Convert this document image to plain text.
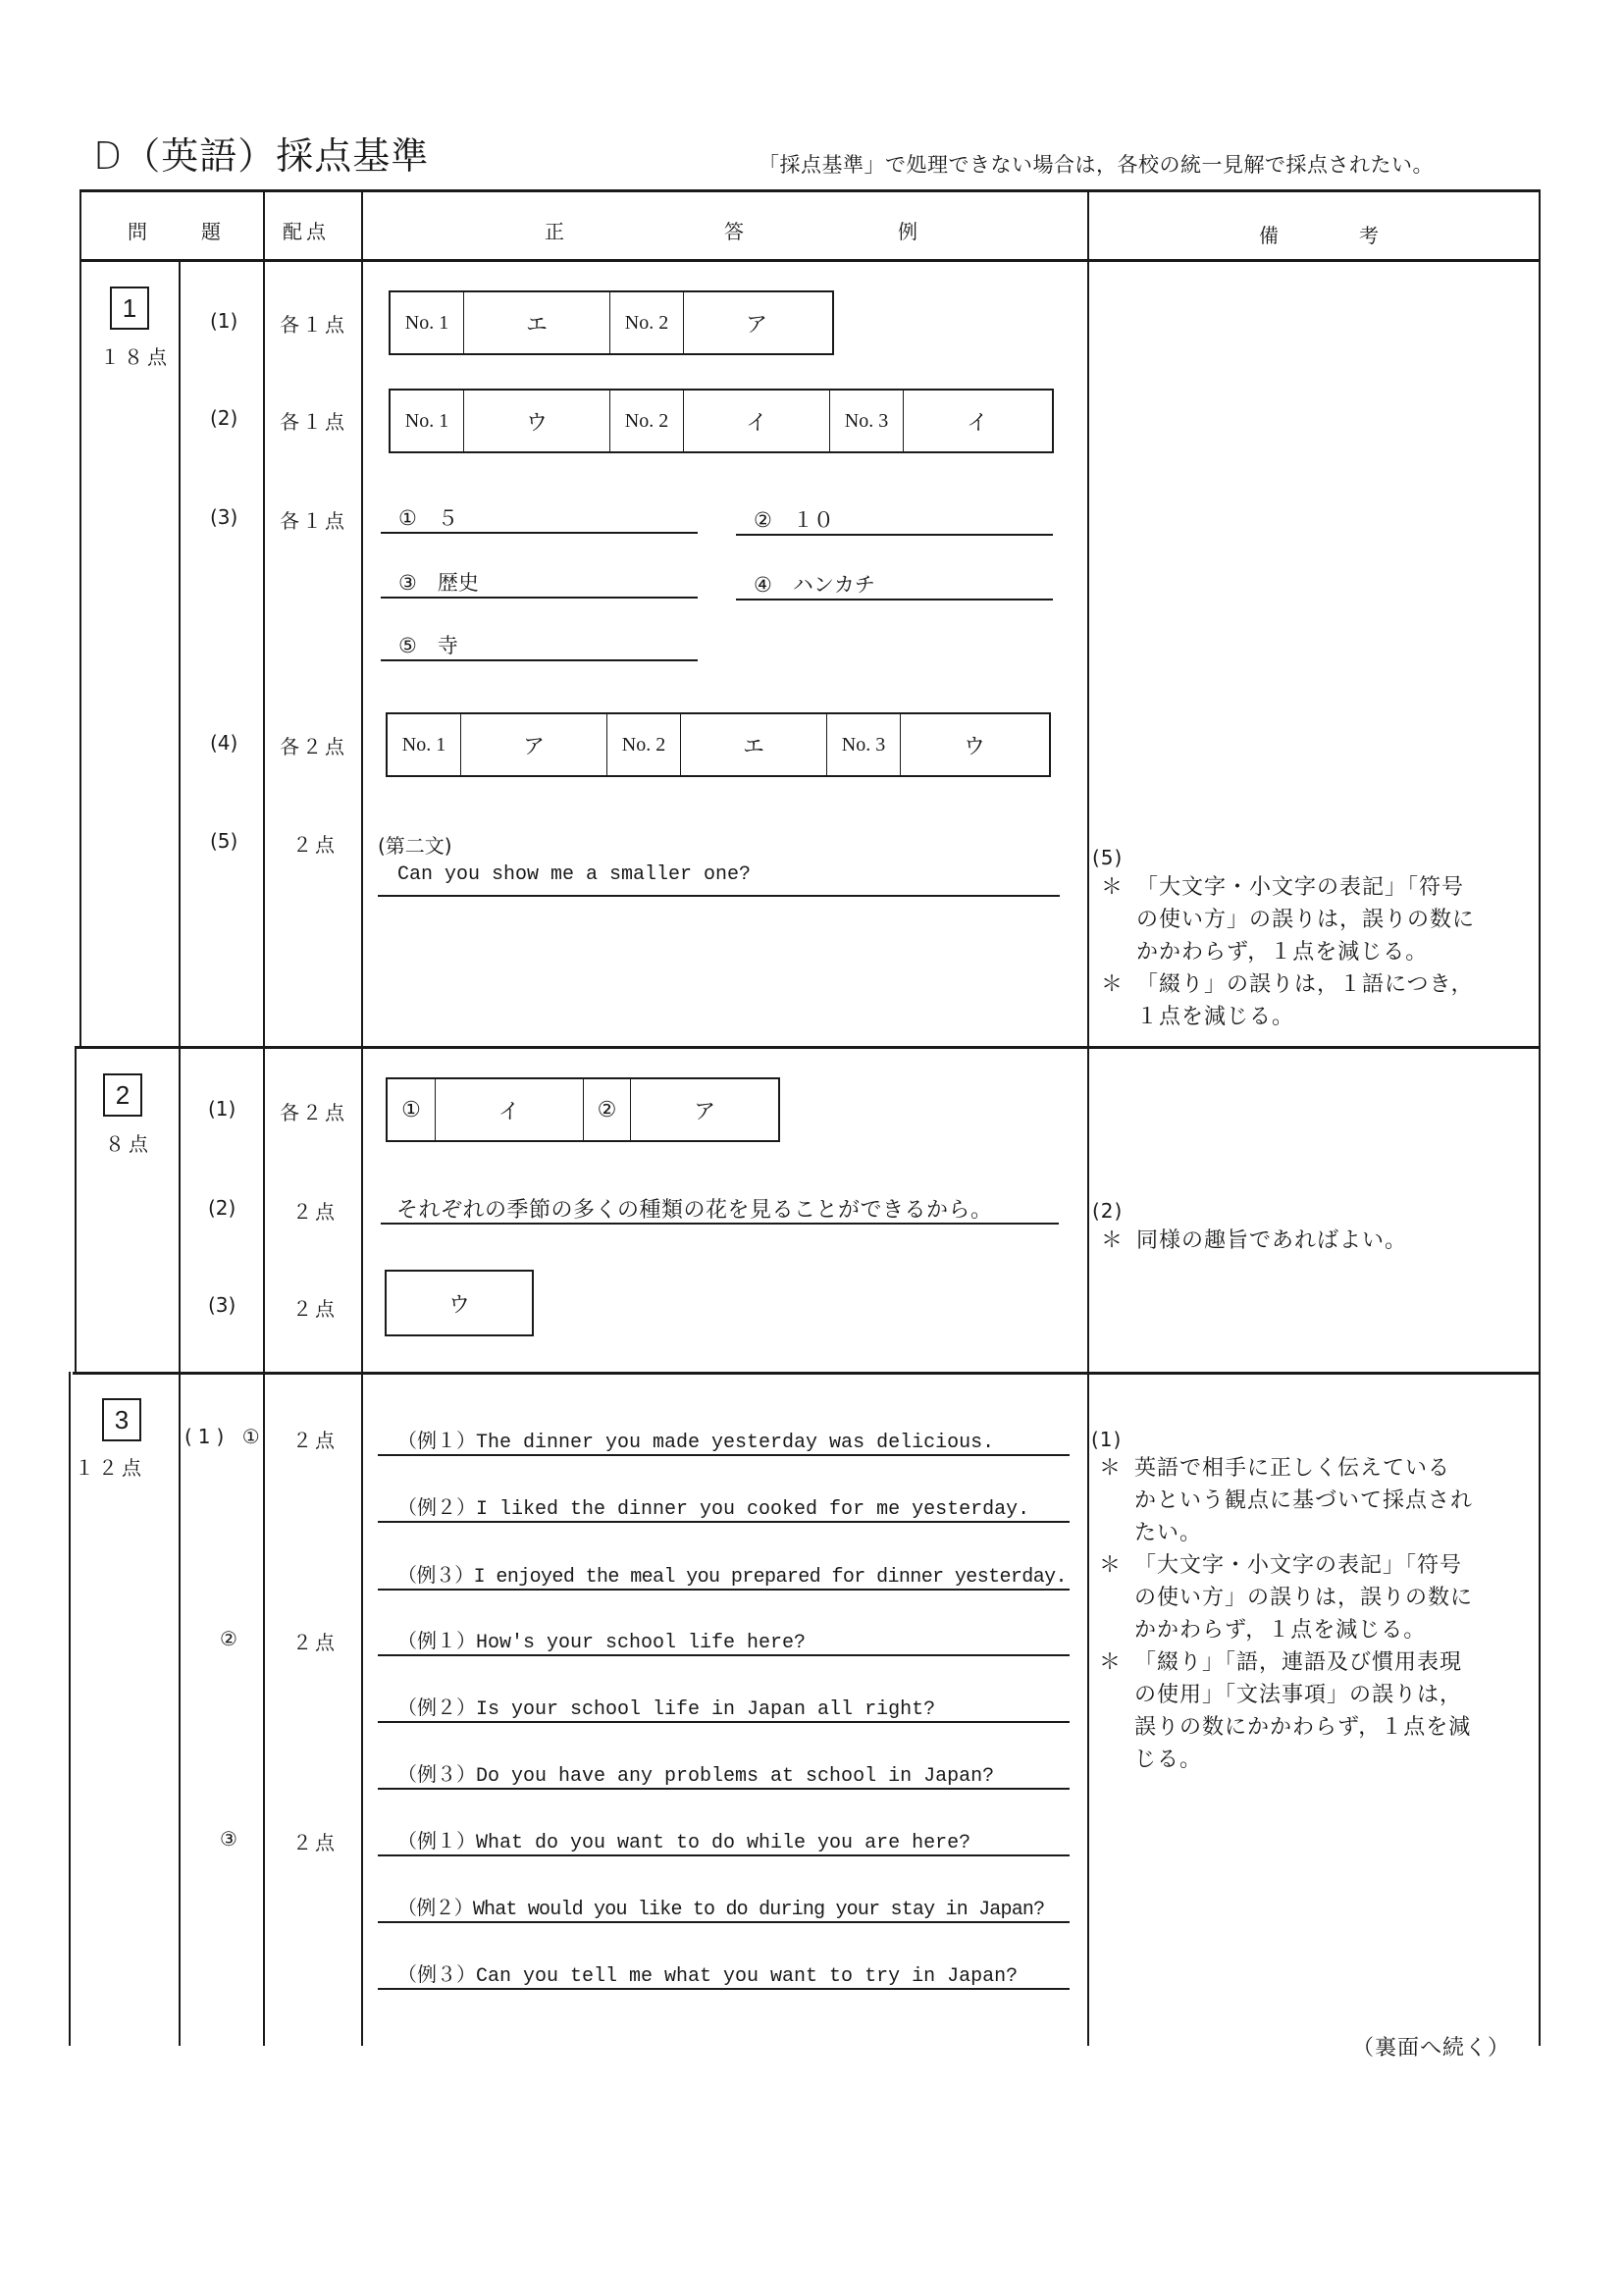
D（英語）採点基準	「採点基準」で処理できない場合は，各校の統一見解で採点されたい。
問	題	配点	正	答	例	備	考
1
１８点
(1) 各１点	No. 1	エ	No. 2	ア
(2) 各１点	No. 1	ウ	No. 2	イ	No. 3	イ
(3) 各１点	①　５	②　１０
③　歴史	④　ハンカチ
⑤　寺
(4) 各２点	No. 1	ア	No. 2	エ	No. 3	ウ
(5)	２点 (第二文)
Can you show me a smaller one?
(5)
＊ 「大文字・小文字の表記」「符号
の使い方」の誤りは，誤りの数に
かかわらず，１点を減じる。
＊ 「綴り」の誤りは，１語につき，
１点を減じる。
2
８点
(1) 各２点	①	イ	②	ア
(2)	２点	それぞれの季節の多くの種類の花を見ることができるから。
(3)	２点	ウ
(2)
＊ 同様の趣旨であればよい。
3
１２点
(1) ① ２点	（例１）The dinner you made yesterday was delicious.
（例２）I liked the dinner you cooked for me yesterday.
（例３）I enjoyed the meal you prepared for dinner yesterday.
②	２点	（例１）How's your school life here?
（例２）Is your school life in Japan all right?
（例３）Do you have any problems at school in Japan?
③	２点	（例１）What do you want to do while you are here?
（例２）What would you like to do during your stay in Japan?
（例３）Can you tell me what you want to try in Japan?
(1)
＊ 英語で相手に正しく伝えている
かという観点に基づいて採点され
たい。
＊ 「大文字・小文字の表記」「符号
の使い方」の誤りは，誤りの数に
かかわらず，１点を減じる。
＊ 「綴り」「語，連語及び慣用表現
の使用」「文法事項」の誤りは，
誤りの数にかかわらず，１点を減
じる。
（裏面へ続く）
